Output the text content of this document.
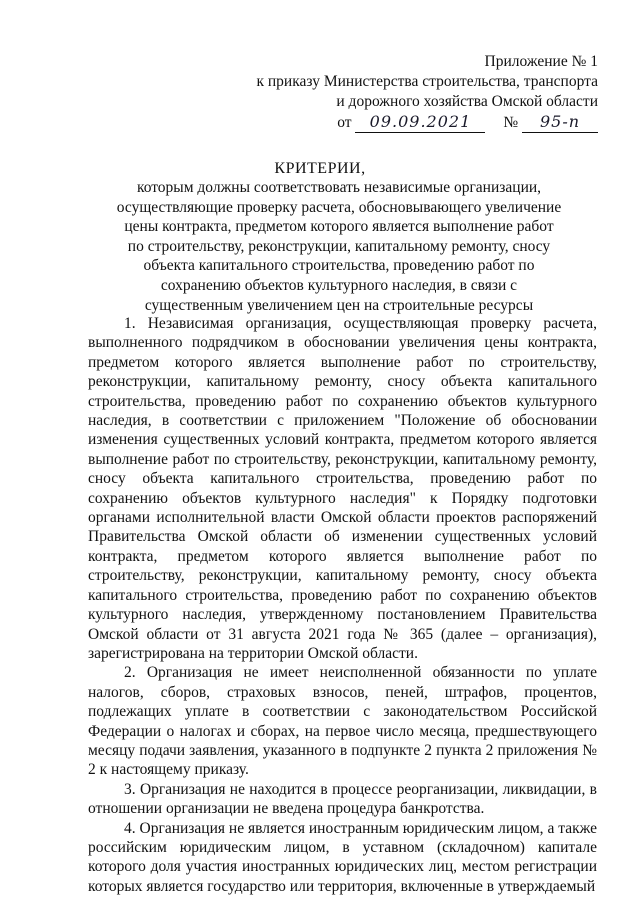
Приложение № 1
к приказу Министерства строительства, транспорта
и дорожного хозяйства Омской области
от 09.09.2021 № 95-п
КРИТЕРИИ,
которым должны соответствовать независимые организации,
осуществляющие проверку расчета, обосновывающего увеличение
цены контракта, предметом которого является выполнение работ
по строительству, реконструкции, капитальному ремонту, сносу
объекта капитального строительства, проведению работ по
сохранению объектов культурного наследия, в связи с
существенным увеличением цен на строительные ресурсы

1. Независимая организация, осуществляющая проверку расчета, выполненного подрядчиком в обосновании увеличения цены контракта, предметом которого является выполнение работ по строительству, реконструкции, капитальному ремонту, сносу объекта капитального строительства, проведению работ по сохранению объектов культурного наследия, в соответствии с приложением "Положение об обосновании изменения существенных условий контракта, предметом которого является выполнение работ по строительству, реконструкции, капитальному ремонту, сносу объекта капитального строительства, проведению работ по сохранению объектов культурного наследия" к Порядку подготовки органами исполнительной власти Омской области проектов распоряжений Правительства Омской области об изменении существенных условий контракта, предметом которого является выполнение работ по строительству, реконструкции, капитальному ремонту, сносу объекта капитального строительства, проведению работ по сохранению объектов культурного наследия, утвержденному постановлением Правительства Омской области от 31 августа 2021 года № 365 (далее – организация), зарегистрирована на территории Омской области.

2. Организация не имеет неисполненной обязанности по уплате налогов, сборов, страховых взносов, пеней, штрафов, процентов, подлежащих уплате в соответствии с законодательством Российской Федерации о налогах и сборах, на первое число месяца, предшествующего месяцу подачи заявления, указанного в подпункте 2 пункта 2 приложения № 2 к настоящему приказу.

3. Организация не находится в процессе реорганизации, ликвидации, в отношении организации не введена процедура банкротства.

4. Организация не является иностранным юридическим лицом, а также российским юридическим лицом, в уставном (складочном) капитале которого доля участия иностранных юридических лиц, местом регистрации которых является государство или территория, включенные в утверждаемый
